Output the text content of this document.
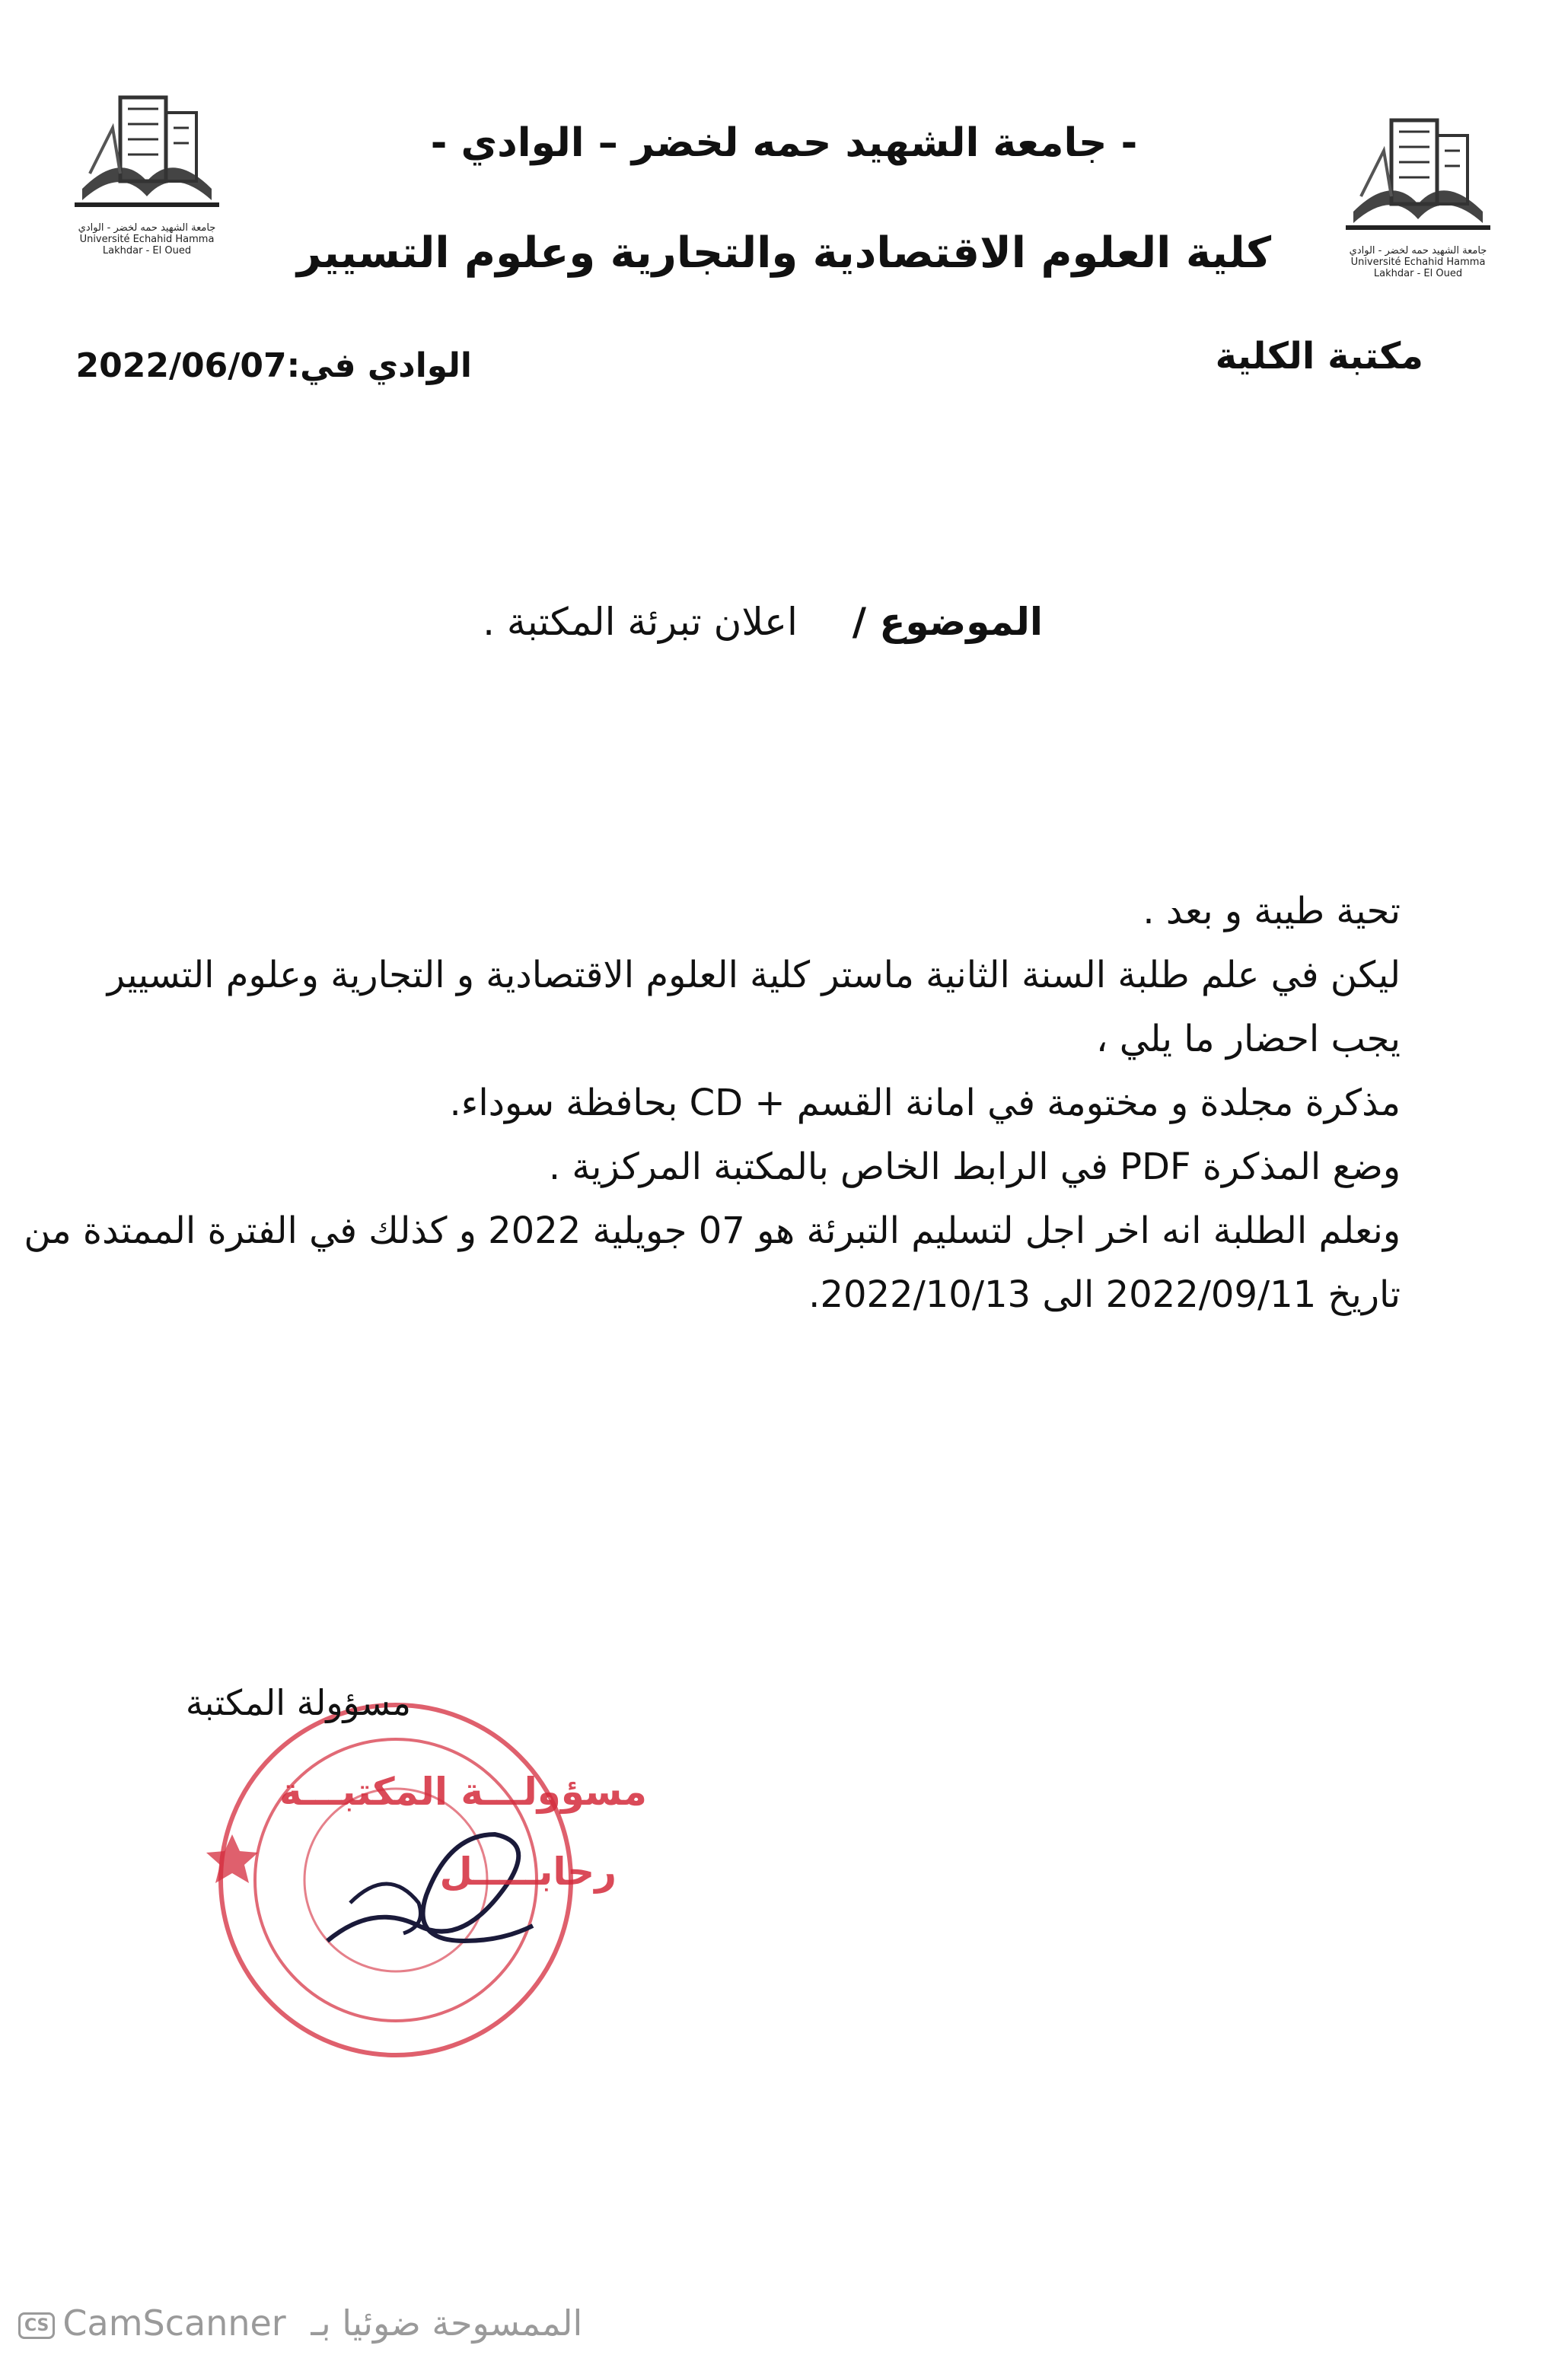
جامعة الشهيد حمه لخضر - الوادي
Université Echahid Hamma Lakhdar - El Oued	جامعة الشهيد حمه لخضر - الوادي
Université Echahid Hamma Lakhdar - El Oued
- جامعة الشهيد حمه لخضر – الوادي -
كلية العلوم الاقتصادية والتجارية وعلوم التسيير
مكتبة الكلية
الوادي في:2022/06/07
الموضوع /  اعلان تبرئة المكتبة .
تحية طيبة و بعد .
ليكن في علم طلبة السنة الثانية ماستر كلية العلوم الاقتصادية و التجارية وعلوم التسيير
يجب احضار ما يلي ،
مذكرة مجلدة و مختومة في امانة القسم + CD بحافظة سوداء.
وضع المذكرة PDF في الرابط الخاص بالمكتبة المركزية .
ونعلم الطلبة انه اخر اجل لتسليم التبرئة هو 07 جويلية 2022 و كذلك في الفترة الممتدة من
تاريخ 2022/09/11 الى 2022/10/13.
مسؤولـــة المكتبـــة
رحابـــــل
مسؤولة المكتبة
CS CamScanner الممسوحة ضوئيا بـ
